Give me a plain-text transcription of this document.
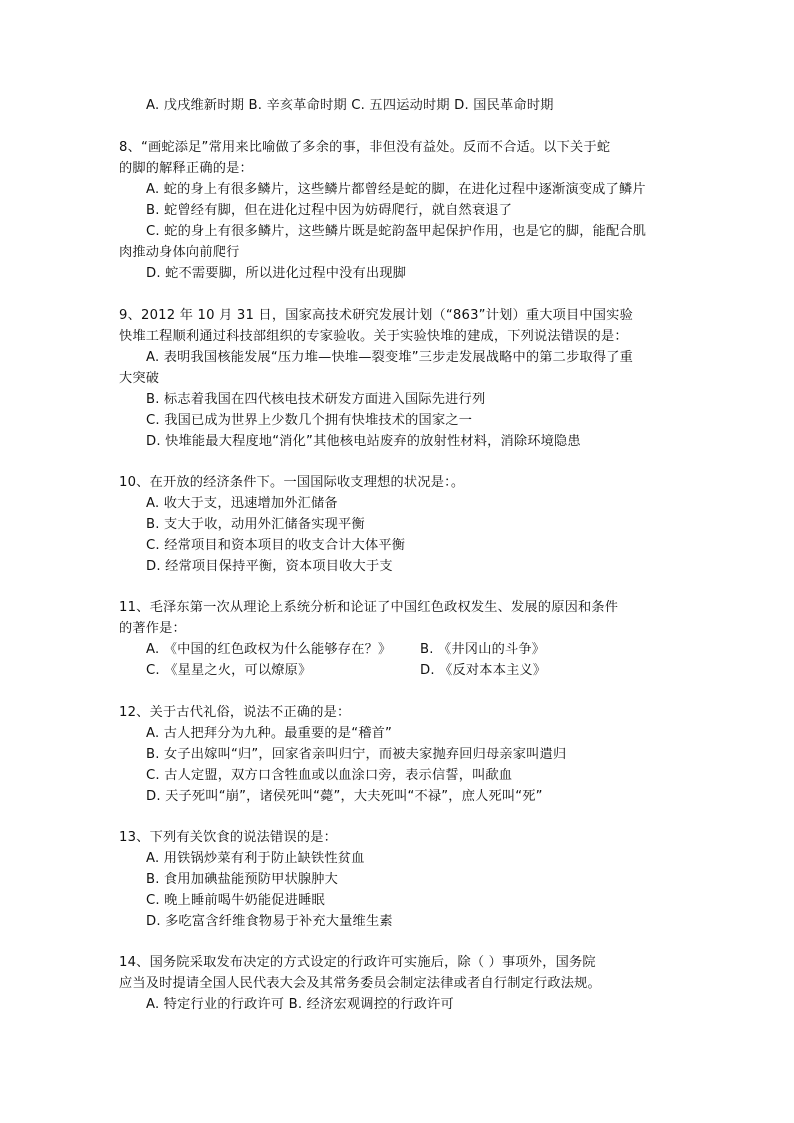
A. 戊戌维新时期 B. 辛亥革命时期 C. 五四运动时期 D. 国民革命时期
8、“画蛇添足”常用来比喻做了多余的事，非但没有益处。反而不合适。以下关于蛇
的脚的解释正确的是：
A. 蛇的身上有很多鳞片，这些鳞片都曾经是蛇的脚，在进化过程中逐渐演变成了鳞片
B. 蛇曾经有脚，但在进化过程中因为妨碍爬行，就自然衰退了
C. 蛇的身上有很多鳞片，这些鳞片既是蛇韵盔甲起保护作用，也是它的脚，能配合肌
肉推动身体向前爬行
D. 蛇不需要脚，所以进化过程中没有出现脚
9、2012 年 10 月 31 日，国家高技术研究发展计划（“863”计划）重大项目中国实验
快堆工程顺利通过科技部组织的专家验收。关于实验快堆的建成，下列说法错误的是：
A. 表明我国核能发展“压力堆—快堆—裂变堆”三步走发展战略中的第二步取得了重
大突破
B. 标志着我国在四代核电技术研发方面进入国际先进行列
C. 我国已成为世界上少数几个拥有快堆技术的国家之一
D. 快堆能最大程度地“消化”其他核电站废弃的放射性材料，消除环境隐患
10、在开放的经济条件下。一国国际收支理想的状况是：。
A. 收大于支，迅速增加外汇储备
B. 支大于收，动用外汇储备实现平衡
C. 经常项目和资本项目的收支合计大体平衡
D. 经常项目保持平衡，资本项目收大于支
11、毛泽东第一次从理论上系统分析和论证了中国红色政权发生、发展的原因和条件
的著作是：
A. 《中国的红色政权为什么能够存在？》 B. 《井冈山的斗争》
C. 《星星之火，可以燎原》	D. 《反对本本主义》
12、关于古代礼俗，说法不正确的是：
A. 古人把拜分为九种。最重要的是“稽首”
B. 女子出嫁叫“归”，回家省亲叫归宁，而被夫家抛弃回归母亲家叫遣归
C. 古人定盟，双方口含牲血或以血涂口旁，表示信誓，叫歃血
D. 天子死叫“崩”，诸侯死叫“薨”，大夫死叫“不禄”，庶人死叫“死”
13、下列有关饮食的说法错误的是：
A. 用铁锅炒菜有利于防止缺铁性贫血
B. 食用加碘盐能预防甲状腺肿大
C. 晚上睡前喝牛奶能促进睡眠
D. 多吃富含纤维食物易于补充大量维生素
14、国务院采取发布决定的方式设定的行政许可实施后，除（ ）事项外，国务院
应当及时提请全国人民代表大会及其常务委员会制定法律或者自行制定行政法规。
A. 特定行业的行政许可 B. 经济宏观调控的行政许可
